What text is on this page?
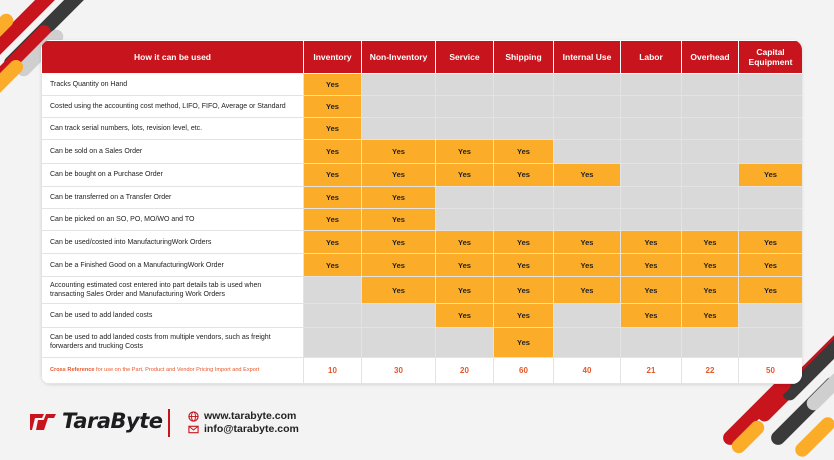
How it can be used	Inventory	Non-Inventory	Service	Shipping	Internal Use	Labor	Overhead	Capital Equipment
Tracks Quantity on Hand	Yes							
Costed using the accounting cost method, LIFO, FIFO, Average or Standard	Yes							
Can track serial numbers, lots, revision level, etc.	Yes							
Can be sold on a Sales Order	Yes	Yes	Yes	Yes				
Can be bought on a Purchase Order	Yes	Yes	Yes	Yes	Yes			Yes
Can be transferred on a Transfer Order	Yes	Yes						
Can be picked on an SO, PO, MO/WO and TO	Yes	Yes						
Can be used/costed into ManufacturingWork Orders	Yes	Yes	Yes	Yes	Yes	Yes	Yes	Yes
Can be a Finished Good on a ManufacturingWork Order	Yes	Yes	Yes	Yes	Yes	Yes	Yes	Yes
Accounting estimated cost entered into part details tab is used when transacting Sales Order and Manufacturing Work Orders		Yes	Yes	Yes	Yes	Yes	Yes	Yes
Can be used to add landed costs			Yes	Yes		Yes	Yes	
Can be used to add landed costs from multiple vendors, such as freight forwarders and trucking Costs				Yes				
Cross Reference for use on the Part, Product and Vendor Pricing Import and Export	10	30	20	60	40	21	22	50
TaraByte	www.tarabyte.com
info@tarabyte.com
